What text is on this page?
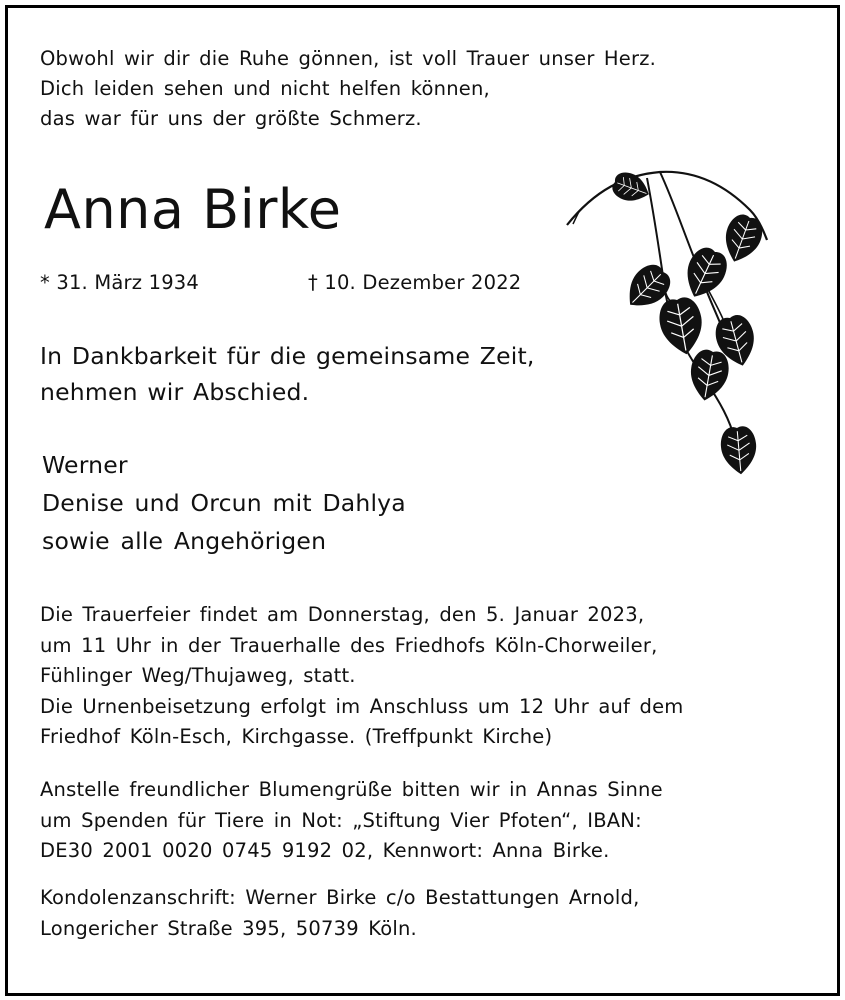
Obwohl wir dir die Ruhe gönnen, ist voll Trauer unser Herz.
Dich leiden sehen und nicht helfen können,
das war für uns der größte Schmerz.
Anna Birke
* 31. März 1934	† 10. Dezember 2022
In Dankbarkeit für die gemeinsame Zeit,
nehmen wir Abschied.
Werner
Denise und Orcun mit Dahlya
sowie alle Angehörigen
Die Trauerfeier findet am Donnerstag, den 5. Januar 2023,
um 11 Uhr in der Trauerhalle des Friedhofs Köln-Chorweiler,
Fühlinger Weg/Thujaweg, statt.
Die Urnenbeisetzung erfolgt im Anschluss um 12 Uhr auf dem
Friedhof Köln-Esch, Kirchgasse. (Treffpunkt Kirche)
Anstelle freundlicher Blumengrüße bitten wir in Annas Sinne
um Spenden für Tiere in Not: „Stiftung Vier Pfoten“, IBAN:
DE30 2001 0020 0745 9192 02, Kennwort: Anna Birke.
Kondolenzanschrift: Werner Birke c/o Bestattungen Arnold,
Longericher Straße 395, 50739 Köln.
